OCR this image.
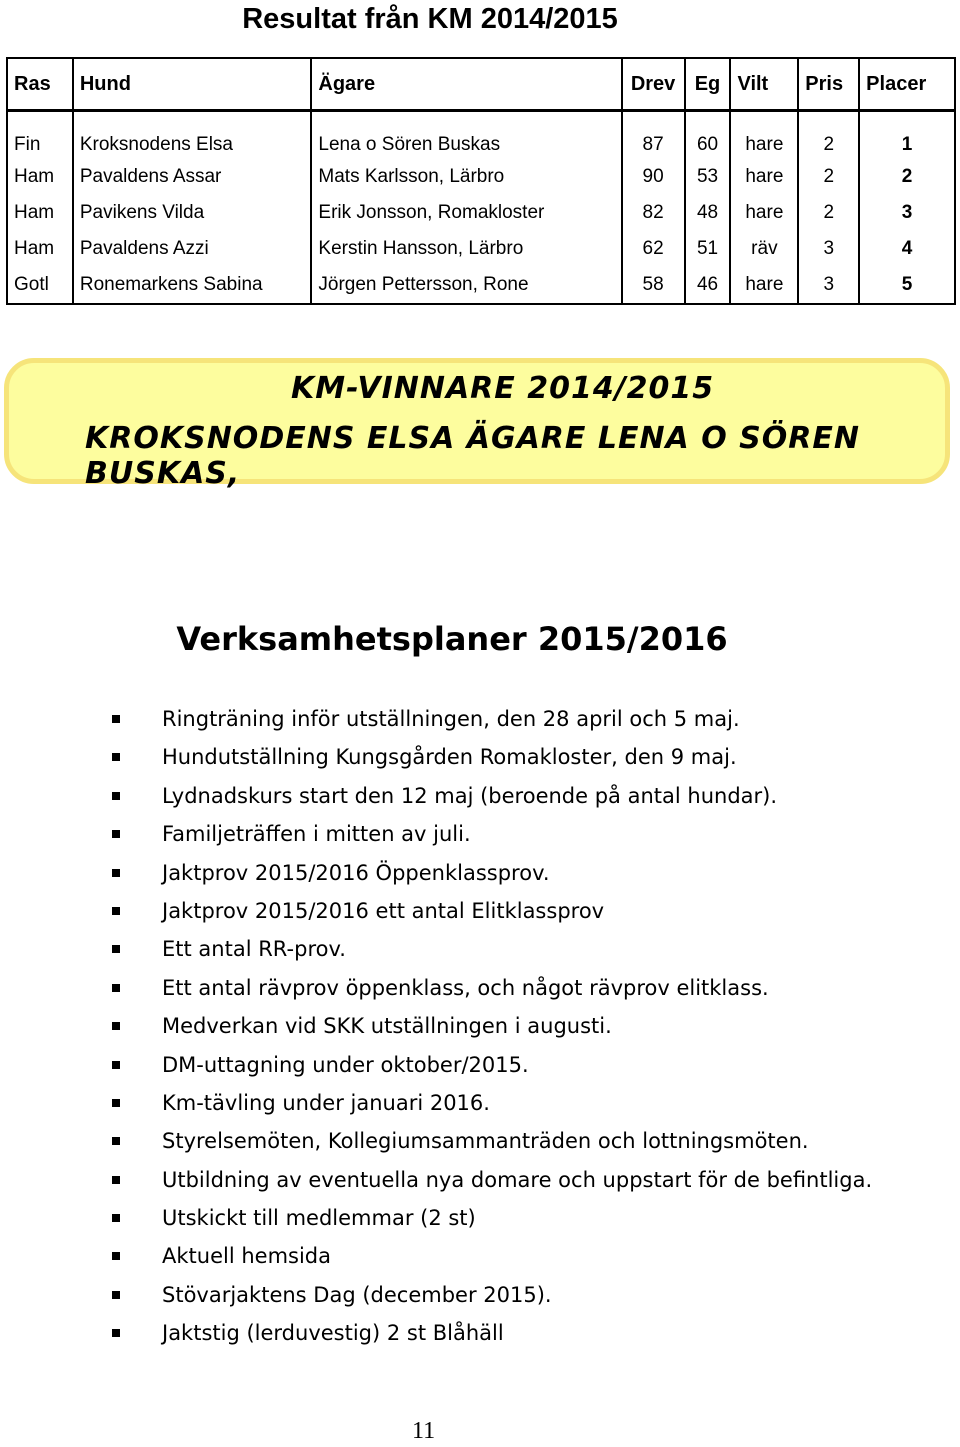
Resultat från KM 2014/2015
Ras	Hund	Ägare	Drev	Eg	Vilt	Pris	Placer
Fin	Kroksnodens Elsa	Lena o Sören Buskas	87	60	hare	2	1
Ham	Pavaldens Assar	Mats Karlsson, Lärbro	90	53	hare	2	2
Ham	Pavikens Vilda	Erik Jonsson, Romakloster	82	48	hare	2	3
Ham	Pavaldens Azzi	Kerstin Hansson, Lärbro	62	51	räv	3	4
Gotl	Ronemarkens Sabina	Jörgen Pettersson, Rone	58	46	hare	3	5
KM-VINNARE 2014/2015
KROKSNODENS ELSA ÄGARE LENA O SÖREN BUSKAS,
Verksamhetsplaner 2015/2016
Ringträning inför utställningen, den 28 april och 5 maj.
Hundutställning Kungsgården Romakloster, den 9 maj.
Lydnadskurs start den 12 maj (beroende på antal hundar).
Familjeträffen i mitten av juli.
Jaktprov 2015/2016 Öppenklassprov.
Jaktprov 2015/2016 ett antal Elitklassprov
Ett antal RR-prov.
Ett antal rävprov öppenklass, och något rävprov elitklass.
Medverkan vid SKK utställningen i augusti.
DM-uttagning under oktober/2015.
Km-tävling under januari 2016.
Styrelsemöten, Kollegiumsammanträden och lottningsmöten.
Utbildning av eventuella nya domare och uppstart för de befintliga.
Utskickt till medlemmar (2 st)
Aktuell hemsida
Stövarjaktens Dag (december 2015).
Jaktstig (lerduvestig) 2 st Blåhäll
11
